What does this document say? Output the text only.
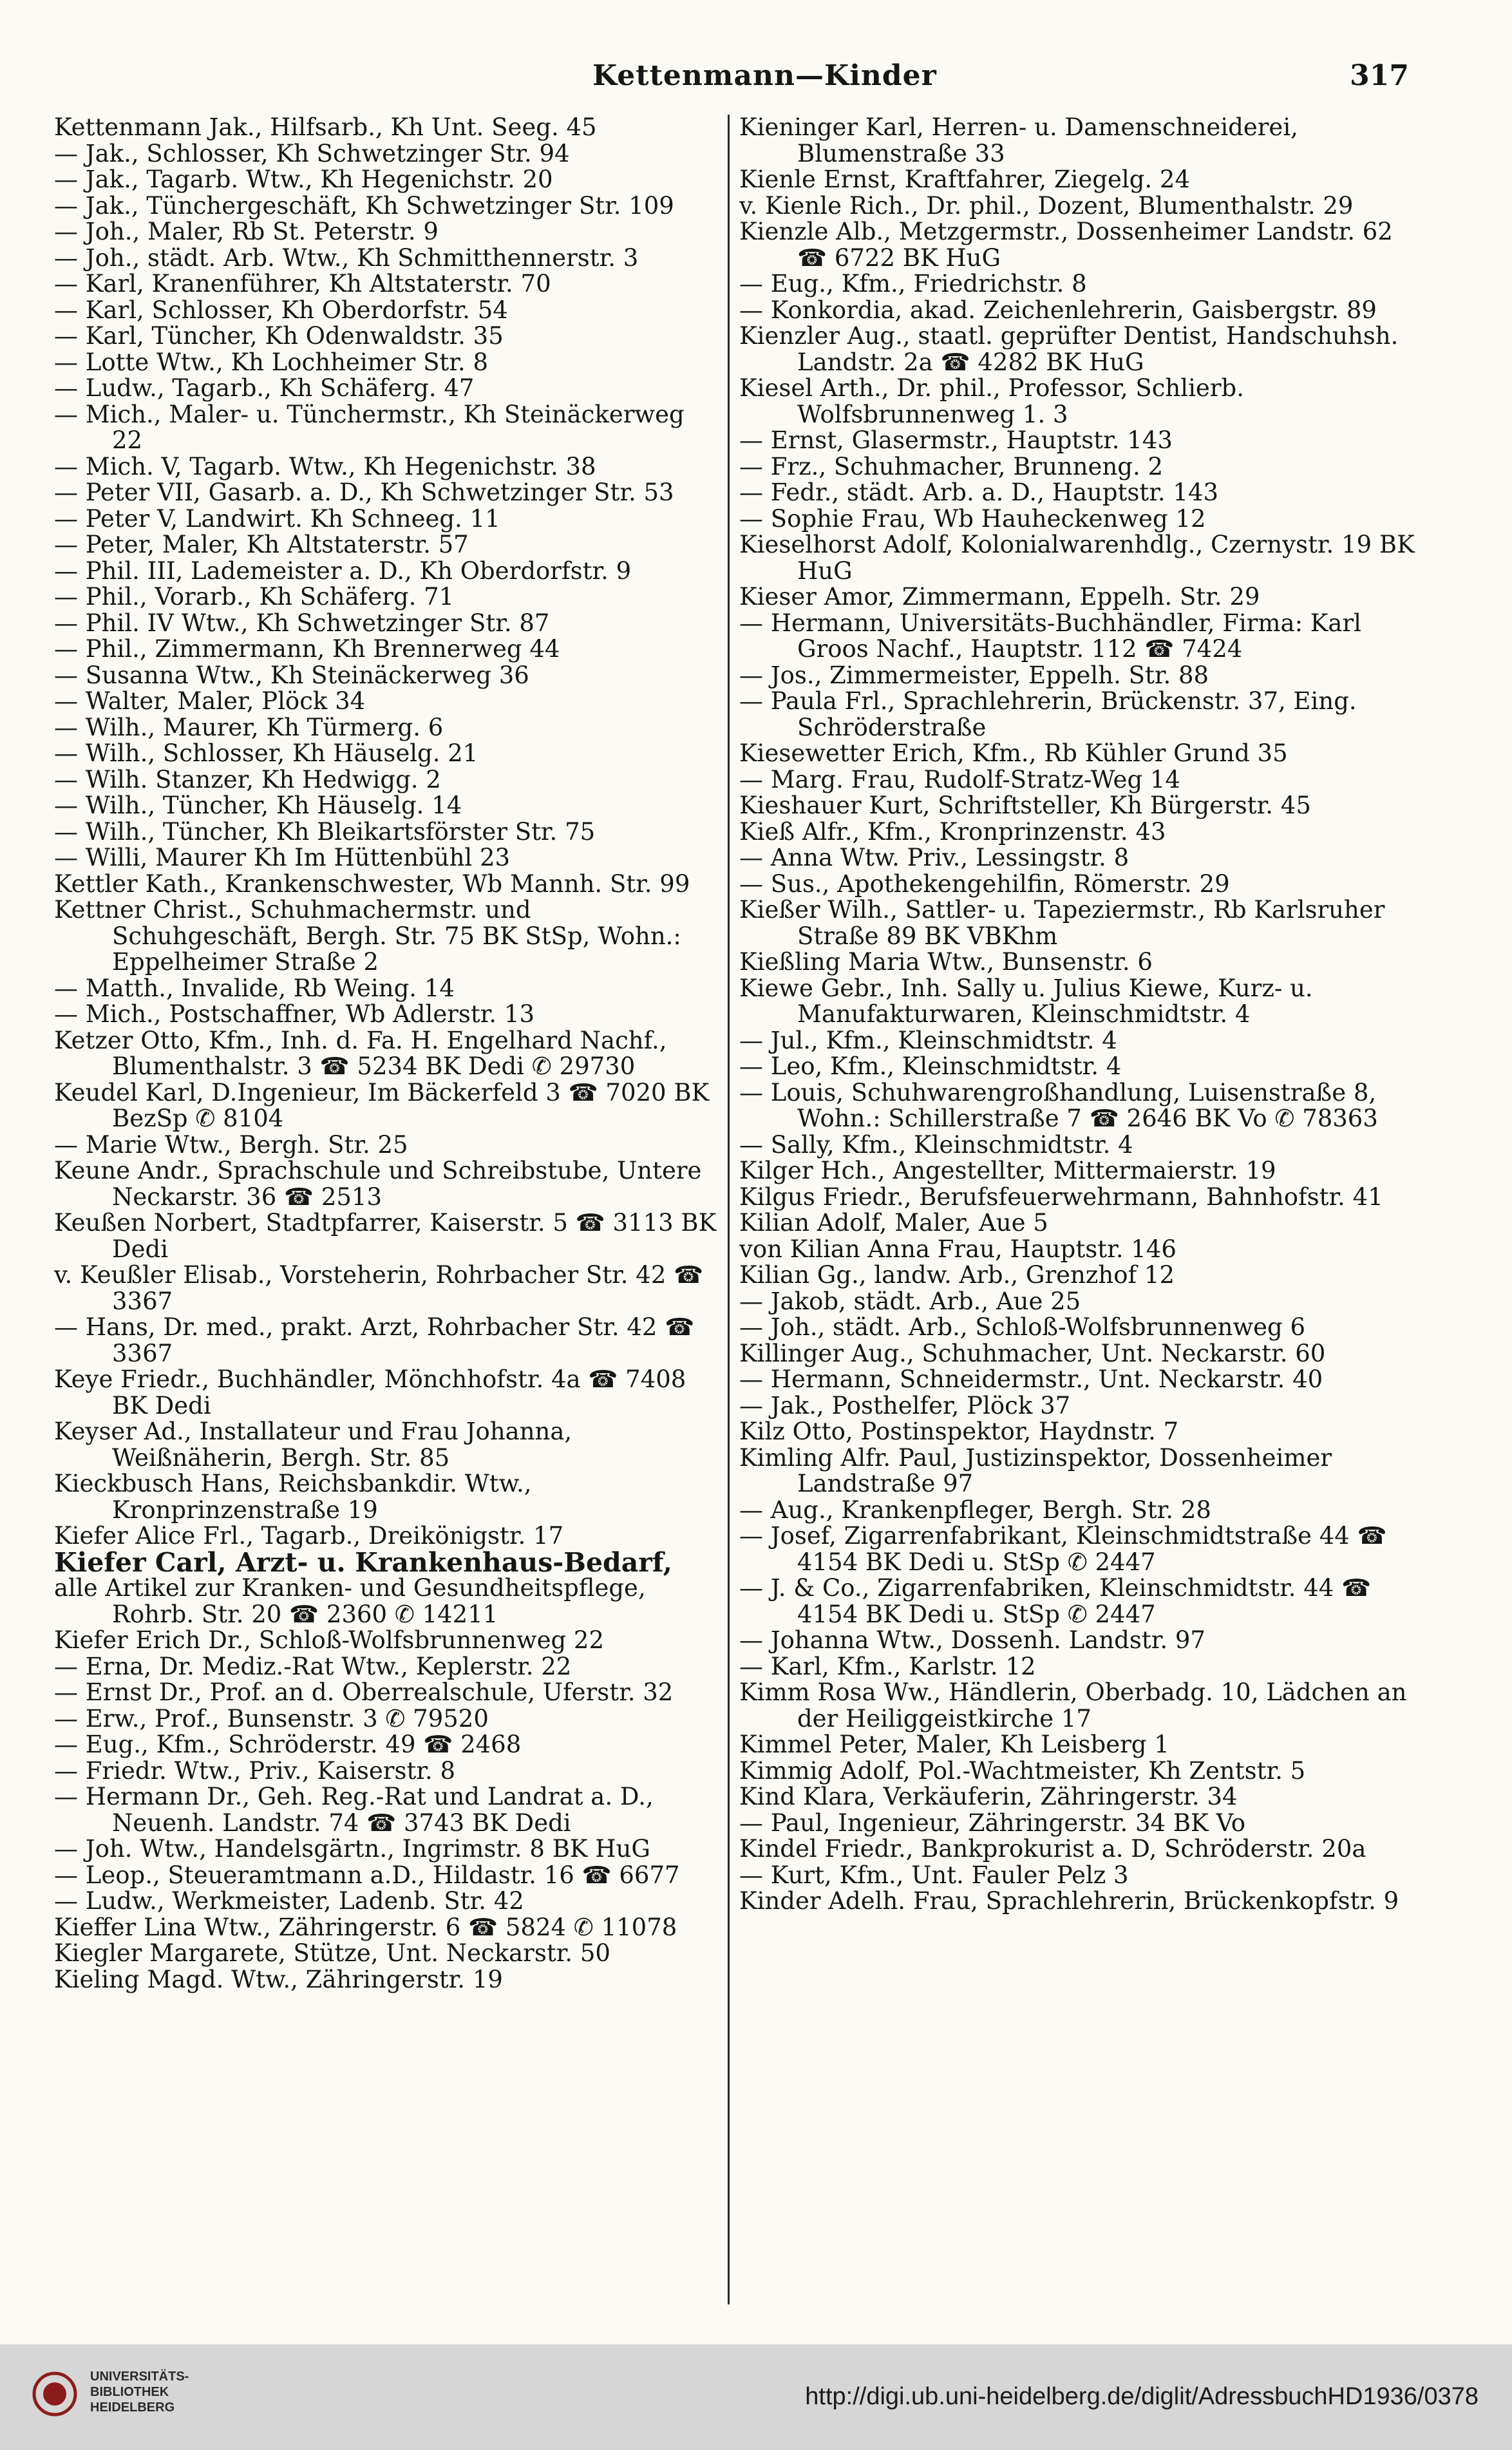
Kettenmann—Kinder	317

Kettenmann Jak., Hilfsarb., Kh Unt. Seeg. 45

— Jak., Schlosser, Kh Schwetzinger Str. 94

— Jak., Tagarb. Wtw., Kh Hegenichstr. 20

— Jak., Tünchergeschäft, Kh Schwetzinger Str. 109

— Joh., Maler, Rb St. Peterstr. 9

— Joh., städt. Arb. Wtw., Kh Schmitthennerstr. 3

— Karl, Kranenführer, Kh Altstaterstr. 70

— Karl, Schlosser, Kh Oberdorfstr. 54

— Karl, Tüncher, Kh Odenwaldstr. 35

— Lotte Wtw., Kh Lochheimer Str. 8

— Ludw., Tagarb., Kh Schäferg. 47

— Mich., Maler- u. Tünchermstr., Kh Steinäckerweg 22

— Mich. V, Tagarb. Wtw., Kh Hegenichstr. 38

— Peter VII, Gasarb. a. D., Kh Schwetzinger Str. 53

— Peter V, Landwirt. Kh Schneeg. 11

— Peter, Maler, Kh Altstaterstr. 57

— Phil. III, Lademeister a. D., Kh Oberdorfstr. 9

— Phil., Vorarb., Kh Schäferg. 71

— Phil. IV Wtw., Kh Schwetzinger Str. 87

— Phil., Zimmermann, Kh Brennerweg 44

— Susanna Wtw., Kh Steinäckerweg 36

— Walter, Maler, Plöck 34

— Wilh., Maurer, Kh Türmerg. 6

— Wilh., Schlosser, Kh Häuselg. 21

— Wilh. Stanzer, Kh Hedwigg. 2

— Wilh., Tüncher, Kh Häuselg. 14

— Wilh., Tüncher, Kh Bleikartsförster Str. 75

— Willi, Maurer Kh Im Hüttenbühl 23

Kettler Kath., Krankenschwester, Wb Mannh. Str. 99

Kettner Christ., Schuhmachermstr. und Schuhgeschäft, Bergh. Str. 75 BK StSp, Wohn.: Eppelheimer Straße 2

— Matth., Invalide, Rb Weing. 14

— Mich., Postschaffner, Wb Adlerstr. 13

Ketzer Otto, Kfm., Inh. d. Fa. H. Engelhard Nachf., Blumenthalstr. 3 ☎ 5234 BK Dedi ✆ 29730

Keudel Karl, D.Ingenieur, Im Bäckerfeld 3 ☎ 7020 BK BezSp ✆ 8104

— Marie Wtw., Bergh. Str. 25

Keune Andr., Sprachschule und Schreibstube, Untere Neckarstr. 36 ☎ 2513

Keußen Norbert, Stadtpfarrer, Kaiserstr. 5 ☎ 3113 BK Dedi

v. Keußler Elisab., Vorsteherin, Rohrbacher Str. 42 ☎ 3367

— Hans, Dr. med., prakt. Arzt, Rohrbacher Str. 42 ☎ 3367

Keye Friedr., Buchhändler, Mönchhofstr. 4a ☎ 7408 BK Dedi

Keyser Ad., Installateur und Frau Johanna, Weißnäherin, Bergh. Str. 85

Kieckbusch Hans, Reichsbankdir. Wtw., Kronprinzenstraße 19

Kiefer Alice Frl., Tagarb., Dreikönigstr. 17

Kiefer Carl, Arzt- u. Krankenhaus-Bedarf,

alle Artikel zur Kranken- und Gesundheitspflege, Rohrb. Str. 20 ☎ 2360 ✆ 14211

Kiefer Erich Dr., Schloß-Wolfsbrunnenweg 22

— Erna, Dr. Mediz.-Rat Wtw., Keplerstr. 22

— Ernst Dr., Prof. an d. Oberrealschule, Uferstr. 32

— Erw., Prof., Bunsenstr. 3 ✆ 79520

— Eug., Kfm., Schröderstr. 49 ☎ 2468

— Friedr. Wtw., Priv., Kaiserstr. 8

— Hermann Dr., Geh. Reg.-Rat und Landrat a. D., Neuenh. Landstr. 74 ☎ 3743 BK Dedi

— Joh. Wtw., Handelsgärtn., Ingrimstr. 8 BK HuG

— Leop., Steueramtmann a.D., Hildastr. 16 ☎ 6677

— Ludw., Werkmeister, Ladenb. Str. 42

Kieffer Lina Wtw., Zähringerstr. 6 ☎ 5824 ✆ 11078

Kiegler Margarete, Stütze, Unt. Neckarstr. 50

Kieling Magd. Wtw., Zähringerstr. 19

Kieninger Karl, Herren- u. Damenschneiderei, Blumenstraße 33

Kienle Ernst, Kraftfahrer, Ziegelg. 24

v. Kienle Rich., Dr. phil., Dozent, Blumenthalstr. 29

Kienzle Alb., Metzgermstr., Dossenheimer Landstr. 62 ☎ 6722 BK HuG

— Eug., Kfm., Friedrichstr. 8

— Konkordia, akad. Zeichenlehrerin, Gaisbergstr. 89

Kienzler Aug., staatl. geprüfter Dentist, Handschuhsh. Landstr. 2a ☎ 4282 BK HuG

Kiesel Arth., Dr. phil., Professor, Schlierb. Wolfsbrunnenweg 1. 3

— Ernst, Glasermstr., Hauptstr. 143

— Frz., Schuhmacher, Brunneng. 2

— Fedr., städt. Arb. a. D., Hauptstr. 143

— Sophie Frau, Wb Hauheckenweg 12

Kieselhorst Adolf, Kolonialwarenhdlg., Czernystr. 19 BK HuG

Kieser Amor, Zimmermann, Eppelh. Str. 29

— Hermann, Universitäts-Buchhändler, Firma: Karl Groos Nachf., Hauptstr. 112 ☎ 7424

— Jos., Zimmermeister, Eppelh. Str. 88

— Paula Frl., Sprachlehrerin, Brückenstr. 37, Eing. Schröderstraße

Kiesewetter Erich, Kfm., Rb Kühler Grund 35

— Marg. Frau, Rudolf-Stratz-Weg 14

Kieshauer Kurt, Schriftsteller, Kh Bürgerstr. 45

Kieß Alfr., Kfm., Kronprinzenstr. 43

— Anna Wtw. Priv., Lessingstr. 8

— Sus., Apothekengehilfin, Römerstr. 29

Kießer Wilh., Sattler- u. Tapeziermstr., Rb Karlsruher Straße 89 BK VBKhm

Kießling Maria Wtw., Bunsenstr. 6

Kiewe Gebr., Inh. Sally u. Julius Kiewe, Kurz- u. Manufakturwaren, Kleinschmidtstr. 4

— Jul., Kfm., Kleinschmidtstr. 4

— Leo, Kfm., Kleinschmidtstr. 4

— Louis, Schuhwarengroßhandlung, Luisenstraße 8, Wohn.: Schillerstraße 7 ☎ 2646 BK Vo ✆ 78363

— Sally, Kfm., Kleinschmidtstr. 4

Kilger Hch., Angestellter, Mittermaierstr. 19

Kilgus Friedr., Berufsfeuerwehrmann, Bahnhofstr. 41

Kilian Adolf, Maler, Aue 5

von Kilian Anna Frau, Hauptstr. 146

Kilian Gg., landw. Arb., Grenzhof 12

— Jakob, städt. Arb., Aue 25

— Joh., städt. Arb., Schloß-Wolfsbrunnenweg 6

Killinger Aug., Schuhmacher, Unt. Neckarstr. 60

— Hermann, Schneidermstr., Unt. Neckarstr. 40

— Jak., Posthelfer, Plöck 37

Kilz Otto, Postinspektor, Haydnstr. 7

Kimling Alfr. Paul, Justizinspektor, Dossenheimer Landstraße 97

— Aug., Krankenpfleger, Bergh. Str. 28

— Josef, Zigarrenfabrikant, Kleinschmidtstraße 44 ☎ 4154 BK Dedi u. StSp ✆ 2447

— J. & Co., Zigarrenfabriken, Kleinschmidtstr. 44 ☎ 4154 BK Dedi u. StSp ✆ 2447

— Johanna Wtw., Dossenh. Landstr. 97

— Karl, Kfm., Karlstr. 12

Kimm Rosa Ww., Händlerin, Oberbadg. 10, Lädchen an der Heiliggeistkirche 17

Kimmel Peter, Maler, Kh Leisberg 1

Kimmig Adolf, Pol.-Wachtmeister, Kh Zentstr. 5

Kind Klara, Verkäuferin, Zähringerstr. 34

— Paul, Ingenieur, Zähringerstr. 34 BK Vo

Kindel Friedr., Bankprokurist a. D, Schröderstr. 20a

— Kurt, Kfm., Unt. Fauler Pelz 3

Kinder Adelh. Frau, Sprachlehrerin, Brückenkopfstr. 9

UNIVERSITÄTS-
BIBLIOTHEK
HEIDELBERG	http://digi.ub.uni-heidelberg.de/diglit/AdressbuchHD1936/0378
